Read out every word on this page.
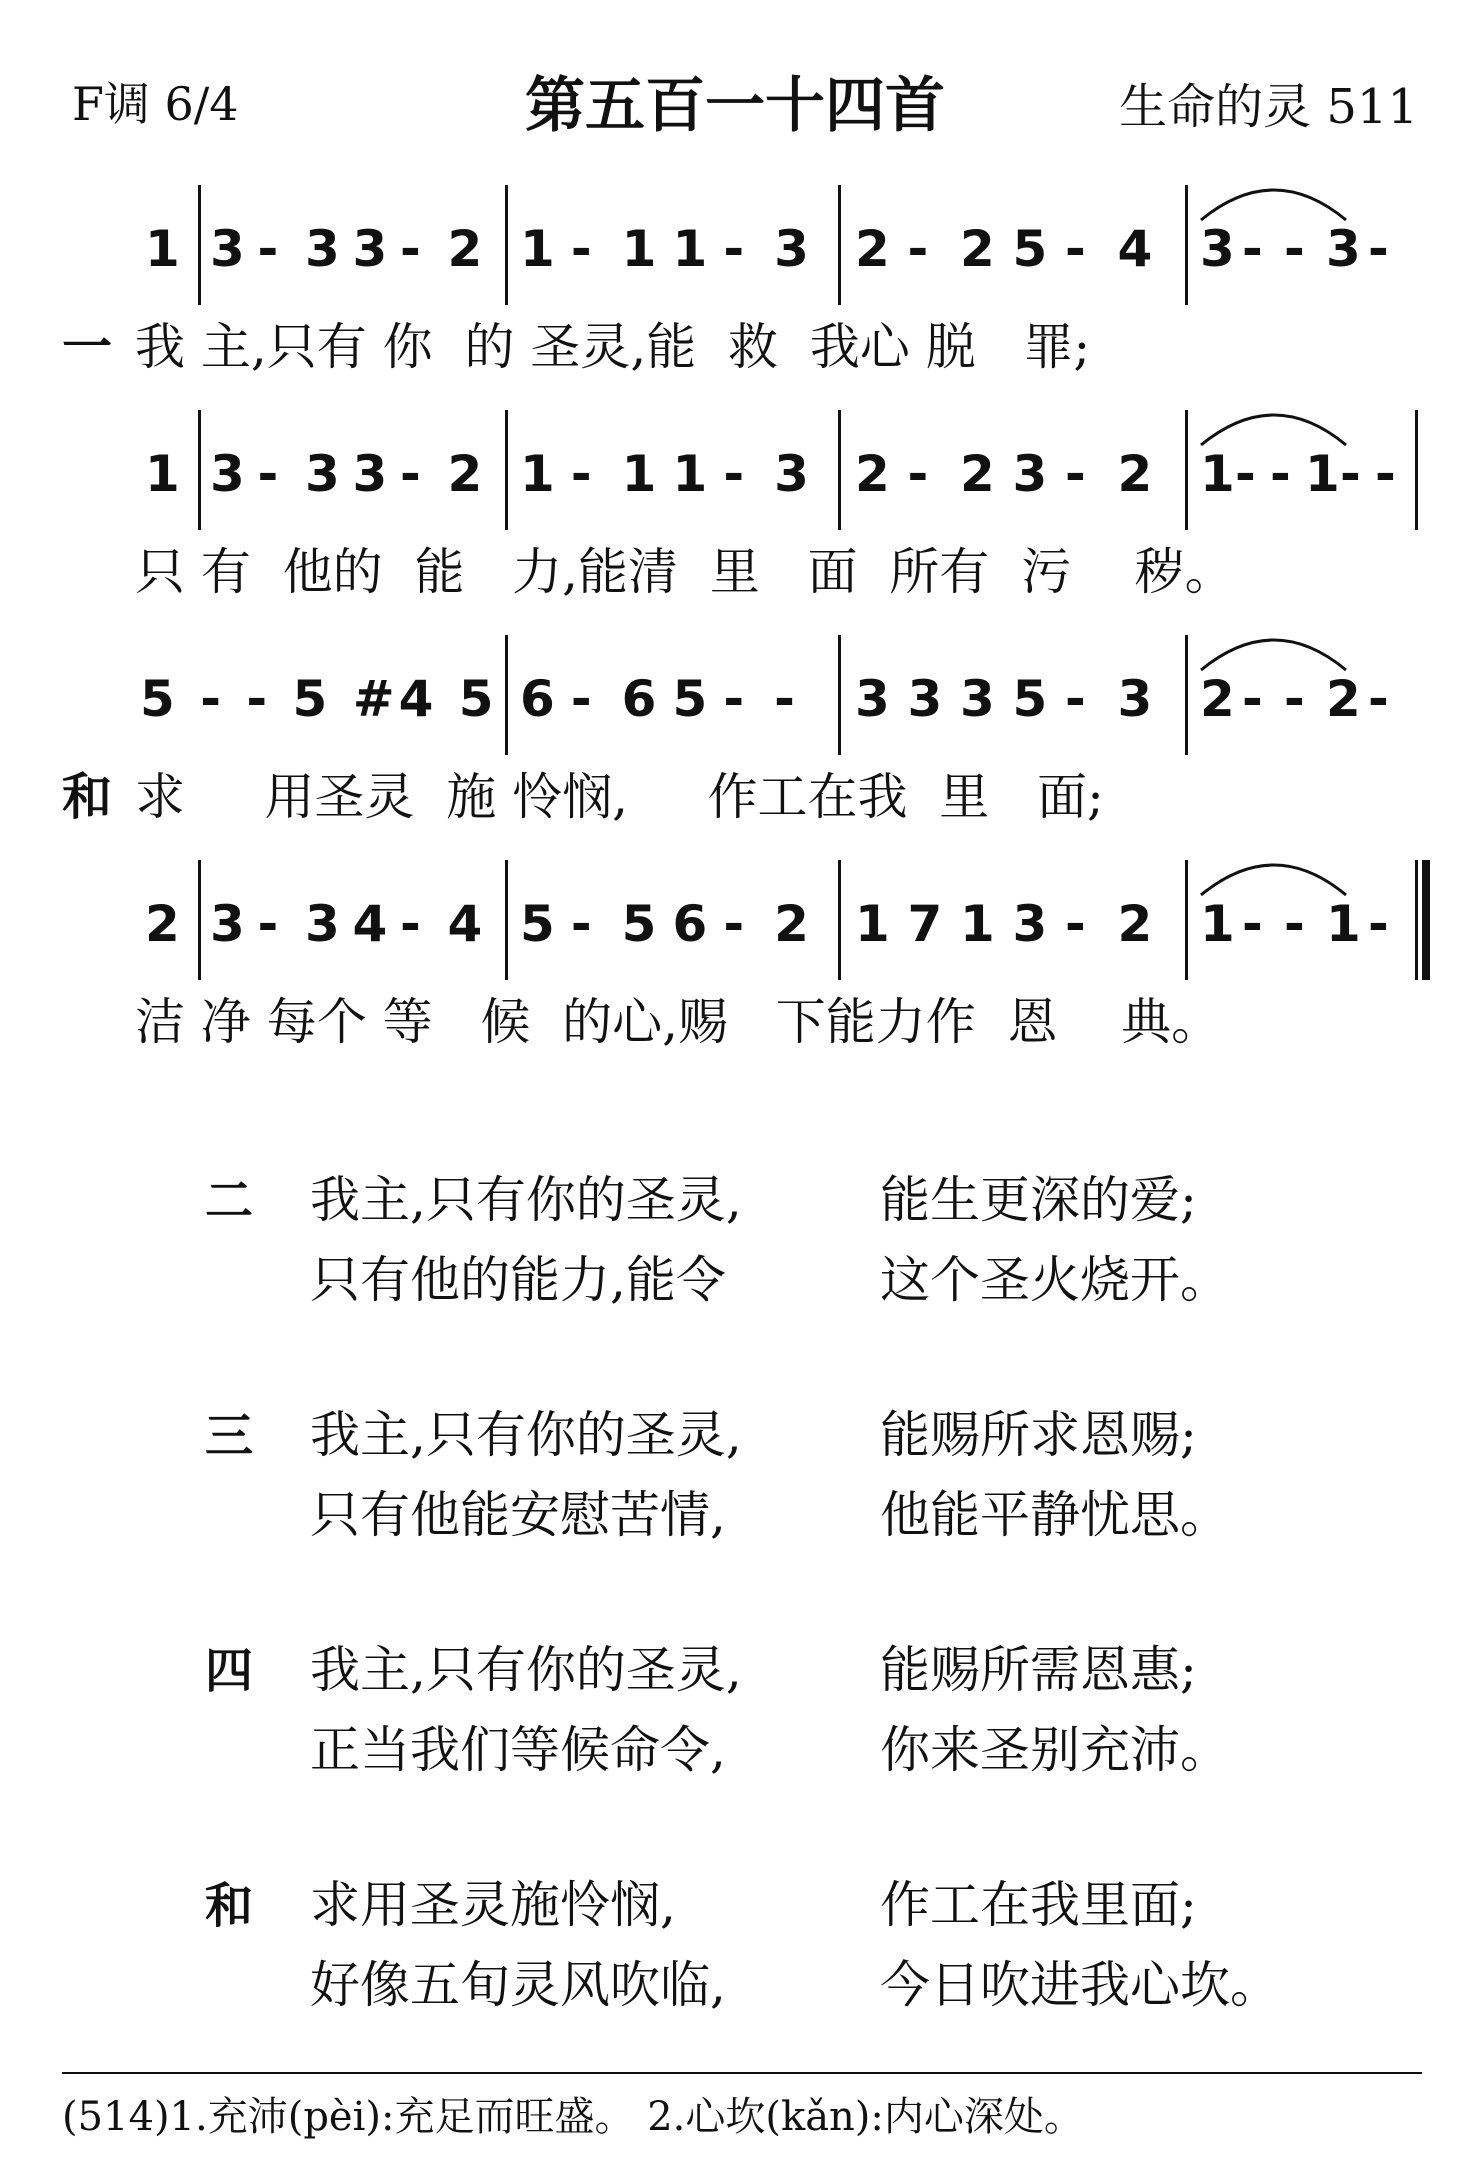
F调 6/4	第五百一十四首	生命的灵 511
1 3 - 3 3 - 2 1 - 1 1 - 3 2 - 2 5 - 4 3 - - 3 -
一 我 主,只有 你  的 圣灵,能  救  我心 脱   罪;
1 3 - 3 3 - 2 1 - 1 1 - 3 2 - 2 3 - 2 1 - - 1 - -
只 有  他的  能   力,能清  里   面  所有  污    秽。
5 - - 5 #4 5 6 - 6 5 - - 3 3 3 5 - 3 2 - - 2 -
和 求     用圣灵  施 怜悯,     作工在我  里   面;
2 3 - 3 4 - 4 5 - 5 6 - 2 1 7 1 3 - 2 1 - - 1 -
洁 净 每个 等   候  的心,赐   下能力作  恩    典。
二 我主,只有你的圣灵,	能生更深的爱;
只有他的能力,能令	这个圣火烧开。
三 我主,只有你的圣灵,	能赐所求恩赐;
只有他能安慰苦情,	他能平静忧思。
四 我主,只有你的圣灵,	能赐所需恩惠;
正当我们等候命令,	你来圣别充沛。
和 求用圣灵施怜悯,	作工在我里面;
好像五旬灵风吹临,	今日吹进我心坎。
(514)1.充沛(pèi):充足而旺盛。 2.心坎(kǎn):内心深处。
